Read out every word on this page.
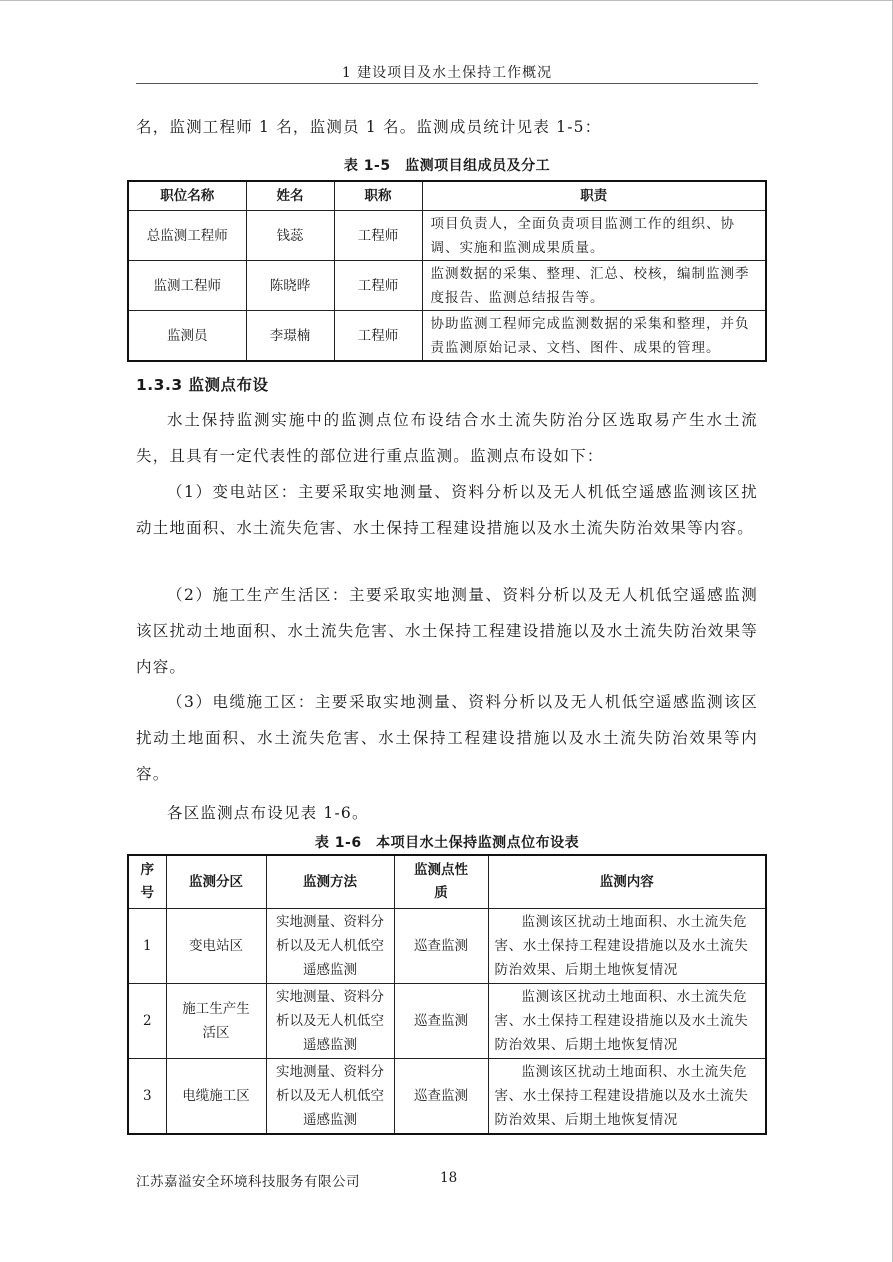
1 建设项目及水土保持工作概况

名，监测工程师 1 名，监测员 1 名。监测成员统计见表 1-5：

表 1-5　监测项目组成员及分工
职位名称	姓名	职称	职责
总监测工程师	钱蕊	工程师	项目负责人，全面负责项目监测工作的组织、协调、实施和监测成果质量。
监测工程师	陈晓晔	工程师	监测数据的采集、整理、汇总、校核，编制监测季度报告、监测总结报告等。
监测员	李璟楠	工程师	协助监测工程师完成监测数据的采集和整理，并负责监测原始记录、文档、图件、成果的管理。
1.3.3 监测点布设

水土保持监测实施中的监测点位布设结合水土流失防治分区选取易产生水土流失，且具有一定代表性的部位进行重点监测。监测点布设如下：

（1）变电站区：主要采取实地测量、资料分析以及无人机低空遥感监测该区扰动土地面积、水土流失危害、水土保持工程建设措施以及水土流失防治效果等内容。

（2）施工生产生活区：主要采取实地测量、资料分析以及无人机低空遥感监测该区扰动土地面积、水土流失危害、水土保持工程建设措施以及水土流失防治效果等内容。

（3）电缆施工区：主要采取实地测量、资料分析以及无人机低空遥感监测该区扰动土地面积、水土流失危害、水土保持工程建设措施以及水土流失防治效果等内容。

各区监测点布设见表 1-6。

表 1-6　本项目水土保持监测点位布设表
序号	监测分区	监测方法	监测点性质	监测内容
1	变电站区	实地测量、资料分析以及无人机低空遥感监测	巡查监测	监测该区扰动土地面积、水土流失危害、水土保持工程建设措施以及水土流失防治效果、后期土地恢复情况
2	施工生产生活区	实地测量、资料分析以及无人机低空遥感监测	巡查监测	监测该区扰动土地面积、水土流失危害、水土保持工程建设措施以及水土流失防治效果、后期土地恢复情况
3	电缆施工区	实地测量、资料分析以及无人机低空遥感监测	巡查监测	监测该区扰动土地面积、水土流失危害、水土保持工程建设措施以及水土流失防治效果、后期土地恢复情况
江苏嘉溢安全环境科技服务有限公司	18
